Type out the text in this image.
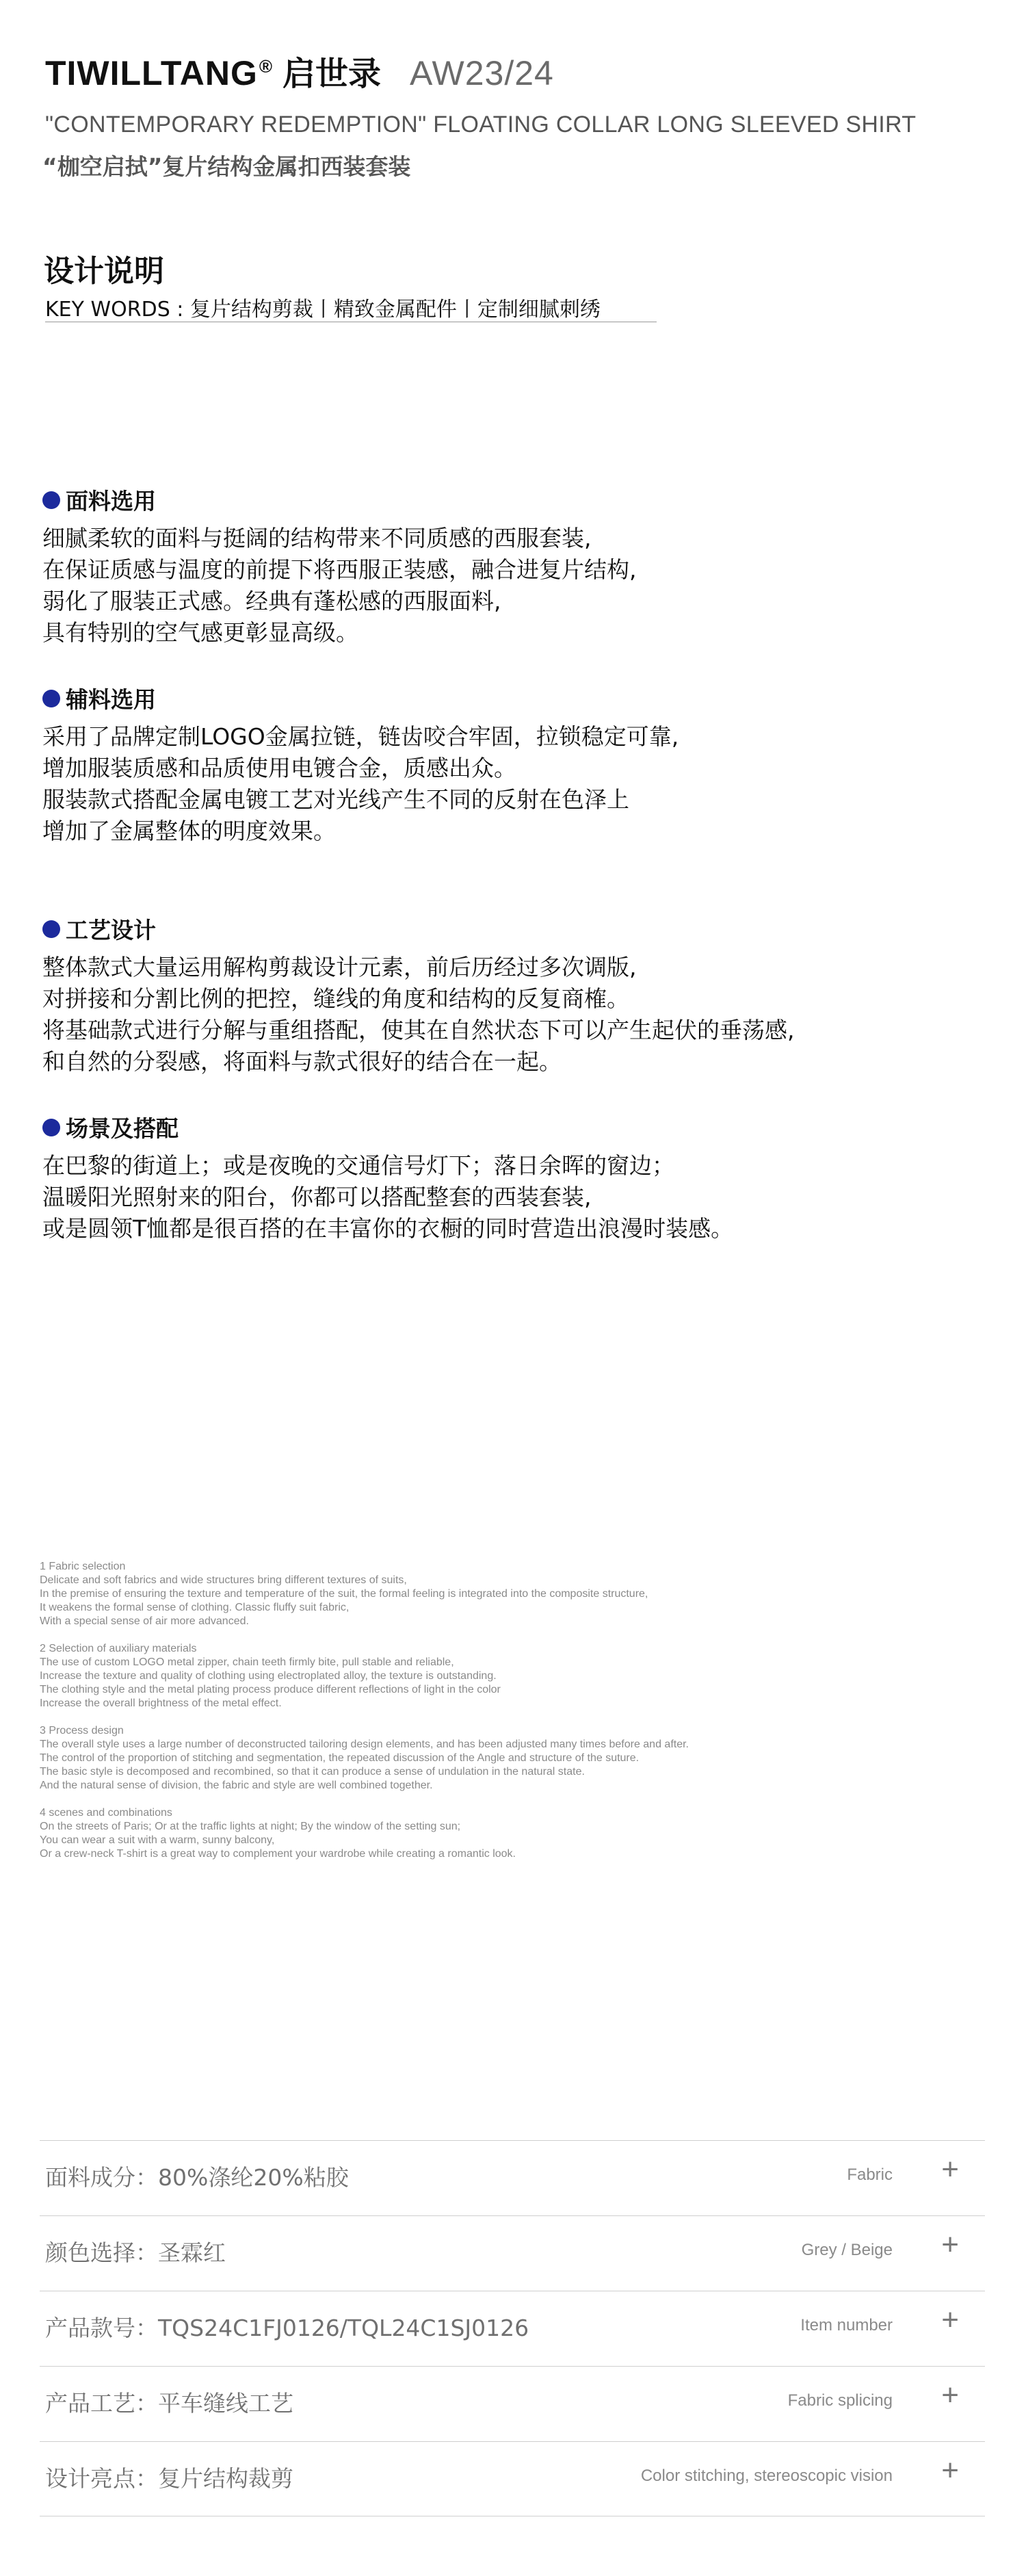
TIWILLTANG® 启世录 AW23/24
"CONTEMPORARY REDEMPTION" FLOATING COLLAR LONG SLEEVED SHIRT
“枷空启拭”复片结构金属扣西装套装
设计说明
KEY WORDS : 复片结构剪裁丨精致金属配件丨定制细腻刺绣
面料选用
细腻柔软的面料与挺阔的结构带来不同质感的西服套装,
在保证质感与温度的前提下将西服正装感，融合进复片结构,
弱化了服装正式感。经典有蓬松感的西服面料,
具有特别的空气感更彰显高级。
辅料选用
采用了品牌定制LOGO金属拉链，链齿咬合牢固，拉锁稳定可靠,
增加服装质感和品质使用电镀合金，质感出众。
服装款式搭配金属电镀工艺对光线产生不同的反射在色泽上
增加了金属整体的明度效果。
工艺设计
整体款式大量运用解构剪裁设计元素，前后历经过多次调版,
对拼接和分割比例的把控，缝线的角度和结构的反复商榷。
将基础款式进行分解与重组搭配，使其在自然状态下可以产生起伏的垂荡感,
和自然的分裂感，将面料与款式很好的结合在一起。
场景及搭配
在巴黎的街道上；或是夜晚的交通信号灯下；落日余晖的窗边；
温暖阳光照射来的阳台，你都可以搭配整套的西装套装,
或是圆领T恤都是很百搭的在丰富你的衣橱的同时营造出浪漫时装感。
1 Fabric selection
Delicate and soft fabrics and wide structures bring different textures of suits,
In the premise of ensuring the texture and temperature of the suit, the formal feeling is integrated into the composite structure,
It weakens the formal sense of clothing. Classic fluffy suit fabric,
With a special sense of air more advanced.
2 Selection of auxiliary materials
The use of custom LOGO metal zipper, chain teeth firmly bite, pull stable and reliable,
Increase the texture and quality of clothing using electroplated alloy, the texture is outstanding.
The clothing style and the metal plating process produce different reflections of light in the color
Increase the overall brightness of the metal effect.
3 Process design
The overall style uses a large number of deconstructed tailoring design elements, and has been adjusted many times before and after.
The control of the proportion of stitching and segmentation, the repeated discussion of the Angle and structure of the suture.
The basic style is decomposed and recombined, so that it can produce a sense of undulation in the natural state.
And the natural sense of division, the fabric and style are well combined together.
4 scenes and combinations
On the streets of Paris; Or at the traffic lights at night; By the window of the setting sun;
You can wear a suit with a warm, sunny balcony,
Or a crew-neck T-shirt is a great way to complement your wardrobe while creating a romantic look.
面料成分：80%涤纶20%粘胶	Fabric +
颜色选择：圣霖红	Grey / Beige +
产品款号：TQS24C1FJ0126/TQL24C1SJ0126	Item number +
产品工艺：平车缝线工艺	Fabric splicing +
设计亮点：复片结构裁剪	Color stitching, stereoscopic vision +
